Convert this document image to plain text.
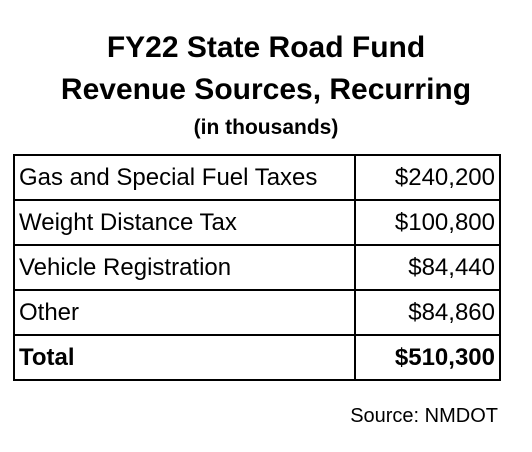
FY22 State Road Fund
Revenue Sources, Recurring
(in thousands)
Gas and Special Fuel Taxes	$240,200
Weight Distance Tax	$100,800
Vehicle Registration	$84,440
Other	$84,860
Total	$510,300
Source: NMDOT
